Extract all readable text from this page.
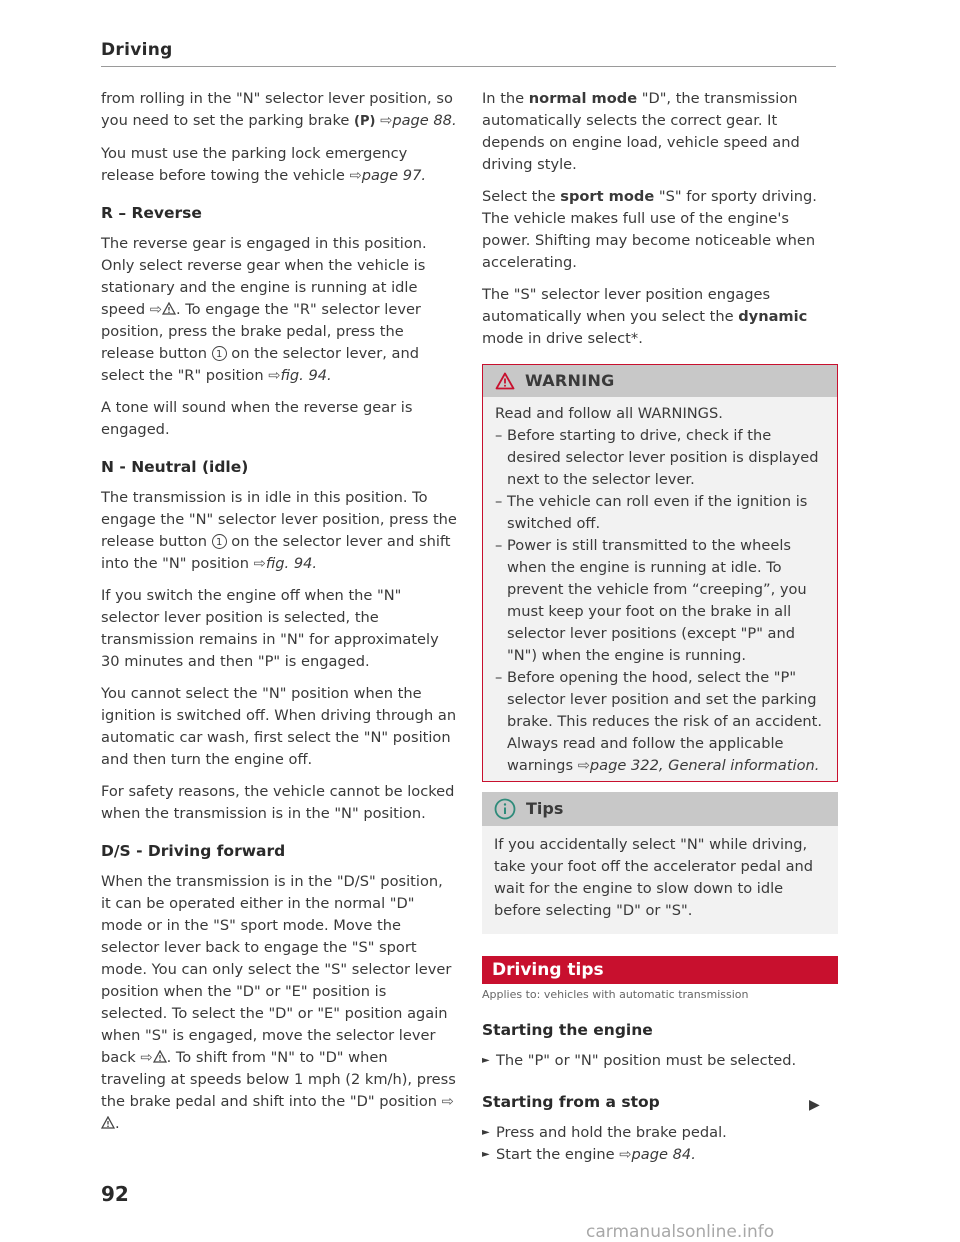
Driving

from rolling in the "N" selector lever position, so you need to set the parking brake (P) ⇨page 88.

You must use the parking lock emergency release before towing the vehicle ⇨page 97.

R – Reverse

The reverse gear is engaged in this position. Only select reverse gear when the vehicle is stationary and the engine is running at idle speed ⇨ . To engage the "R" selector lever position, press the brake pedal, press the release button 1 on the selector lever, and select the "R" position ⇨fig. 94.

A tone will sound when the reverse gear is engaged.

N - Neutral (idle)

The transmission is in idle in this position. To engage the "N" selector lever position, press the release button 1 on the selector lever and shift into the "N" position ⇨fig. 94.

If you switch the engine off when the "N" selector lever position is selected, the transmission remains in "N" for approximately 30 minutes and then "P" is engaged.

You cannot select the "N" position when the ignition is switched off. When driving through an automatic car wash, first select the "N" position and then turn the engine off.

For safety reasons, the vehicle cannot be locked when the transmission is in the "N" position.

D/S - Driving forward

When the transmission is in the "D/S" position, it can be operated either in the normal "D" mode or in the "S" sport mode. Move the selector lever back to engage the "S" sport mode. You can only select the "S" selector lever position when the "D" or "E" position is selected. To select the "D" or "E" position again when "S" is engaged, move the selector lever back ⇨ . To shift from "N" to "D" when traveling at speeds below 1 mph (2 km/h), press the brake pedal and shift into the "D" position ⇨.

In the normal mode "D", the transmission automatically selects the correct gear. It depends on engine load, vehicle speed and driving style.

Select the sport mode "S" for sporty driving. The vehicle makes full use of the engine's power. Shifting may become noticeable when accelerating.

The "S" selector lever position engages automatically when you select the dynamic mode in drive select*.

WARNING

Read and follow all WARNINGS.

– Before starting to drive, check if the desired selector lever position is displayed next to the selector lever.
– The vehicle can roll even if the ignition is switched off.
– Power is still transmitted to the wheels when the engine is running at idle. To prevent the vehicle from “creeping”, you must keep your foot on the brake in all selector lever positions (except "P" and "N") when the engine is running.
– Before opening the hood, select the "P" selector lever position and set the parking brake. This reduces the risk of an accident. Always read and follow the applicable warnings ⇨page 322, General information.
Tips

If you accidentally select "N" while driving, take your foot off the accelerator pedal and wait for the engine to slow down to idle before selecting "D" or "S".

Driving tips
Applies to: vehicles with automatic transmission
Starting the engine

► The "P" or "N" position must be selected.

Starting from a stop

► Press and hold the brake pedal.

► Start the engine ⇨page 84.

▶
92
carmanualsonline.info
